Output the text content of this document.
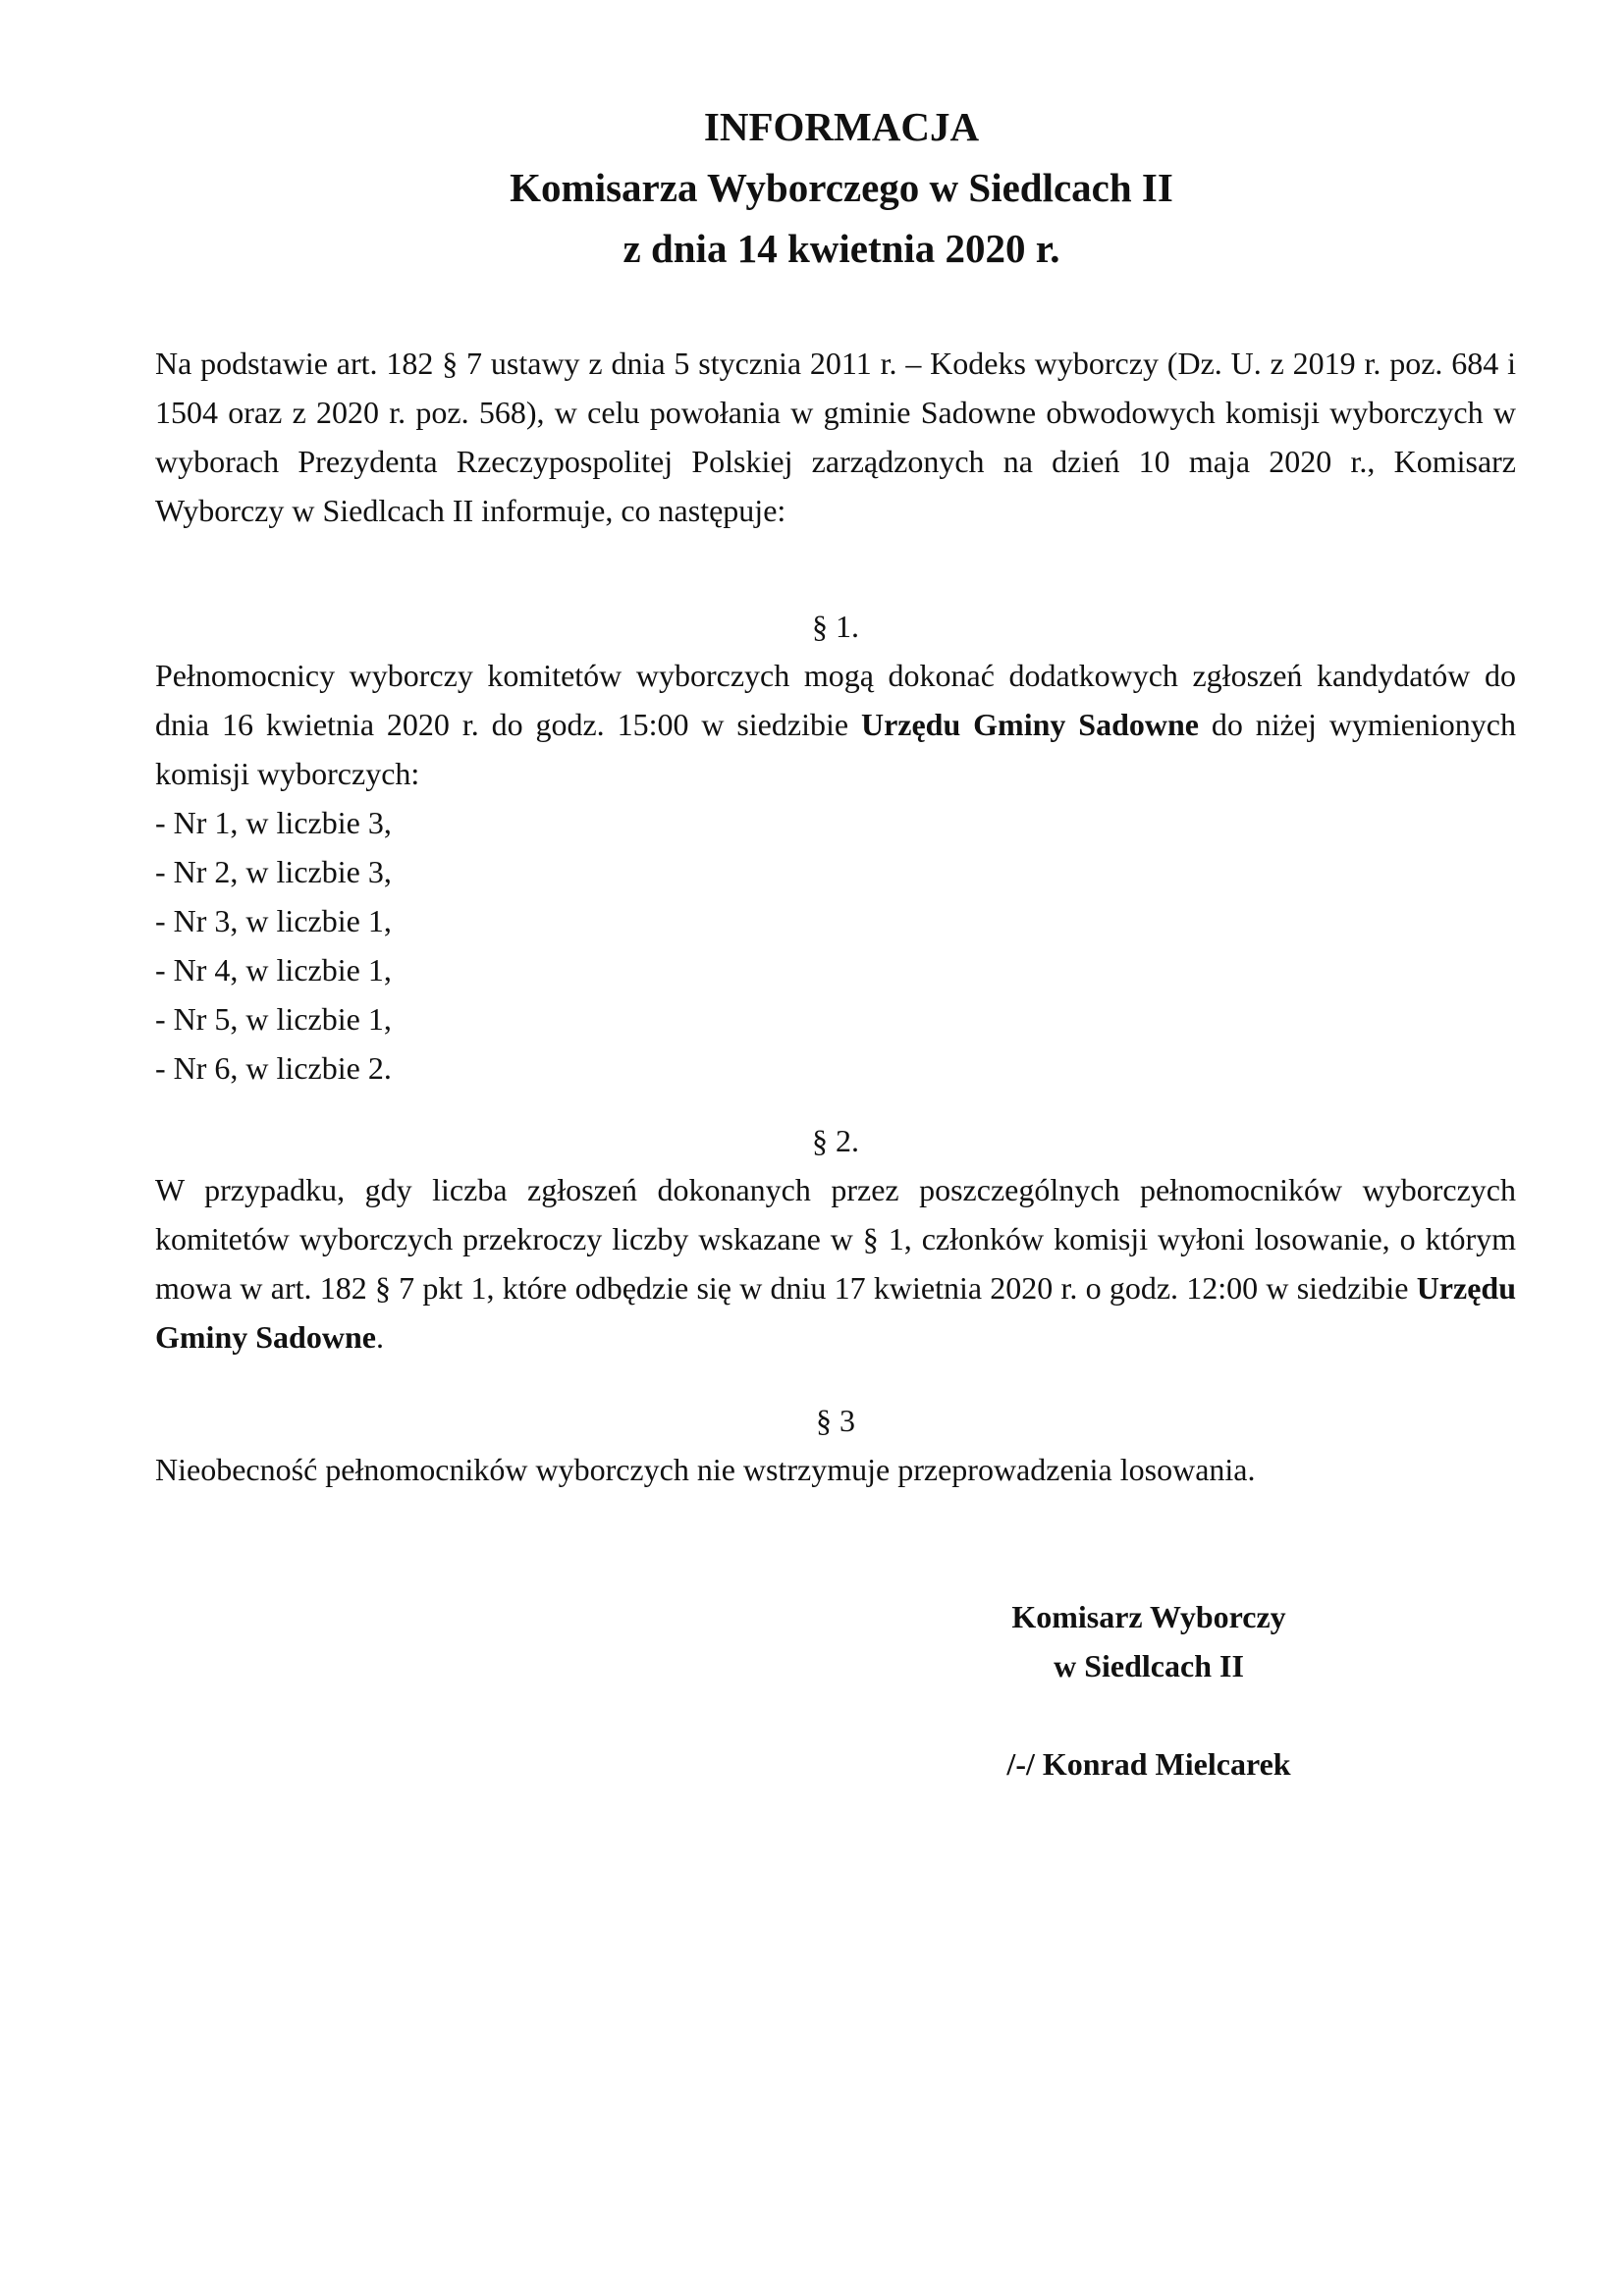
INFORMACJA

Komisarza Wyborczego w Siedlcach II

z dnia 14 kwietnia 2020 r.

Na podstawie art. 182 § 7 ustawy z dnia 5 stycznia 2011 r. – Kodeks wyborczy (Dz. U. z 2019 r. poz. 684 i 1504 oraz z 2020 r. poz. 568), w celu powołania w gminie Sadowne obwodowych komisji wyborczych w wyborach Prezydenta Rzeczypospolitej Polskiej zarządzonych na dzień 10 maja 2020 r., Komisarz Wyborczy w Siedlcach II informuje, co następuje:

§ 1.

Pełnomocnicy wyborczy komitetów wyborczych mogą dokonać dodatkowych zgłoszeń kandydatów do dnia 16 kwietnia 2020 r. do godz. 15:00 w siedzibie Urzędu Gminy Sadowne do niżej wymienionych komisji wyborczych:

- Nr 1, w liczbie 3,
- Nr 2, w liczbie 3,
- Nr 3, w liczbie 1,
- Nr 4, w liczbie 1,
- Nr 5, w liczbie 1,
- Nr 6, w liczbie 2.

§ 2.

W przypadku, gdy liczba zgłoszeń dokonanych przez poszczególnych pełnomocników wyborczych komitetów wyborczych przekroczy liczby wskazane w § 1, członków komisji wyłoni losowanie, o którym mowa w art. 182 § 7 pkt 1, które odbędzie się w dniu 17 kwietnia 2020 r. o godz. 12:00 w siedzibie Urzędu Gminy Sadowne.

§ 3

Nieobecność pełnomocników wyborczych nie wstrzymuje przeprowadzenia losowania.

Komisarz Wyborczy
w Siedlcach II
/-/ Konrad Mielcarek
